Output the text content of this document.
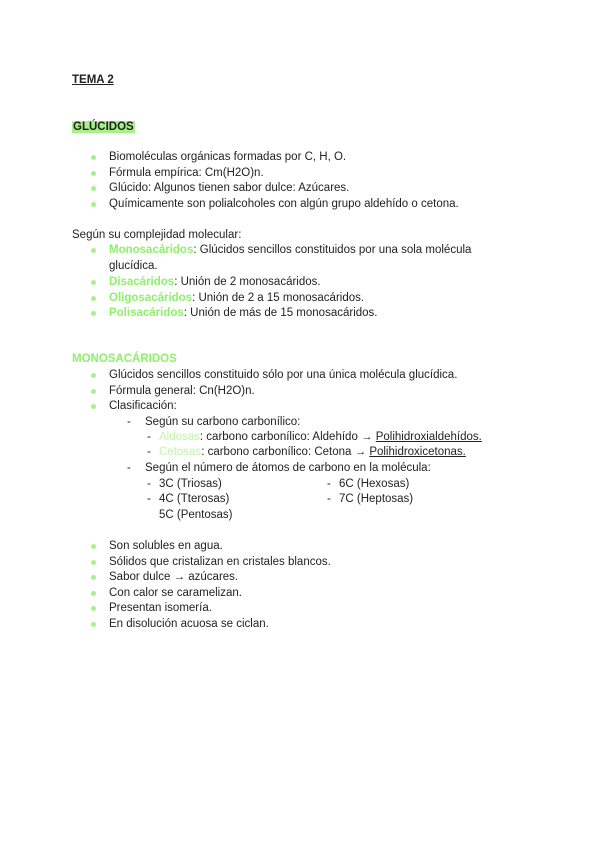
TEMA 2
GLÚCIDOS
Biomoléculas orgánicas formadas por C, H, O.
Fórmula empírica: Cm(H2O)n.
Glúcido: Algunos tienen sabor dulce: Azúcares.
Químicamente son polialcoholes con algún grupo aldehído o cetona.
Según su complejidad molecular:
Monosacáridos: Glúcidos sencillos constituidos por una sola molécula
glucídica.
Disacáridos: Unión de 2 monosacáridos.
Oligosacáridos: Unión de 2 a 15 monosacáridos.
Polisacáridos: Unión de más de 15 monosacáridos.
MONOSACÁRIDOS
Glúcidos sencillos constituido sólo por una única molécula glucídica.
Fórmula general: Cn(H2O)n.
Clasificación:
- Según su carbono carbonílico:
- Aldosas: carbono carbonílico: Aldehído → Polihidroxialdehídos.
- Cetosas: carbono carbonílico: Cetona → Polihidroxicetonas.
- Según el número de átomos de carbono en la molécula:
- 3C (Triosas)
- 4C (Tterosas)
5C (Pentosas)
- 6C (Hexosas)
- 7C (Heptosas)
Son solubles en agua.
Sólidos que cristalizan en cristales blancos.
Sabor dulce → azúcares.
Con calor se caramelizan.
Presentan isomería.
En disolución acuosa se ciclan.
